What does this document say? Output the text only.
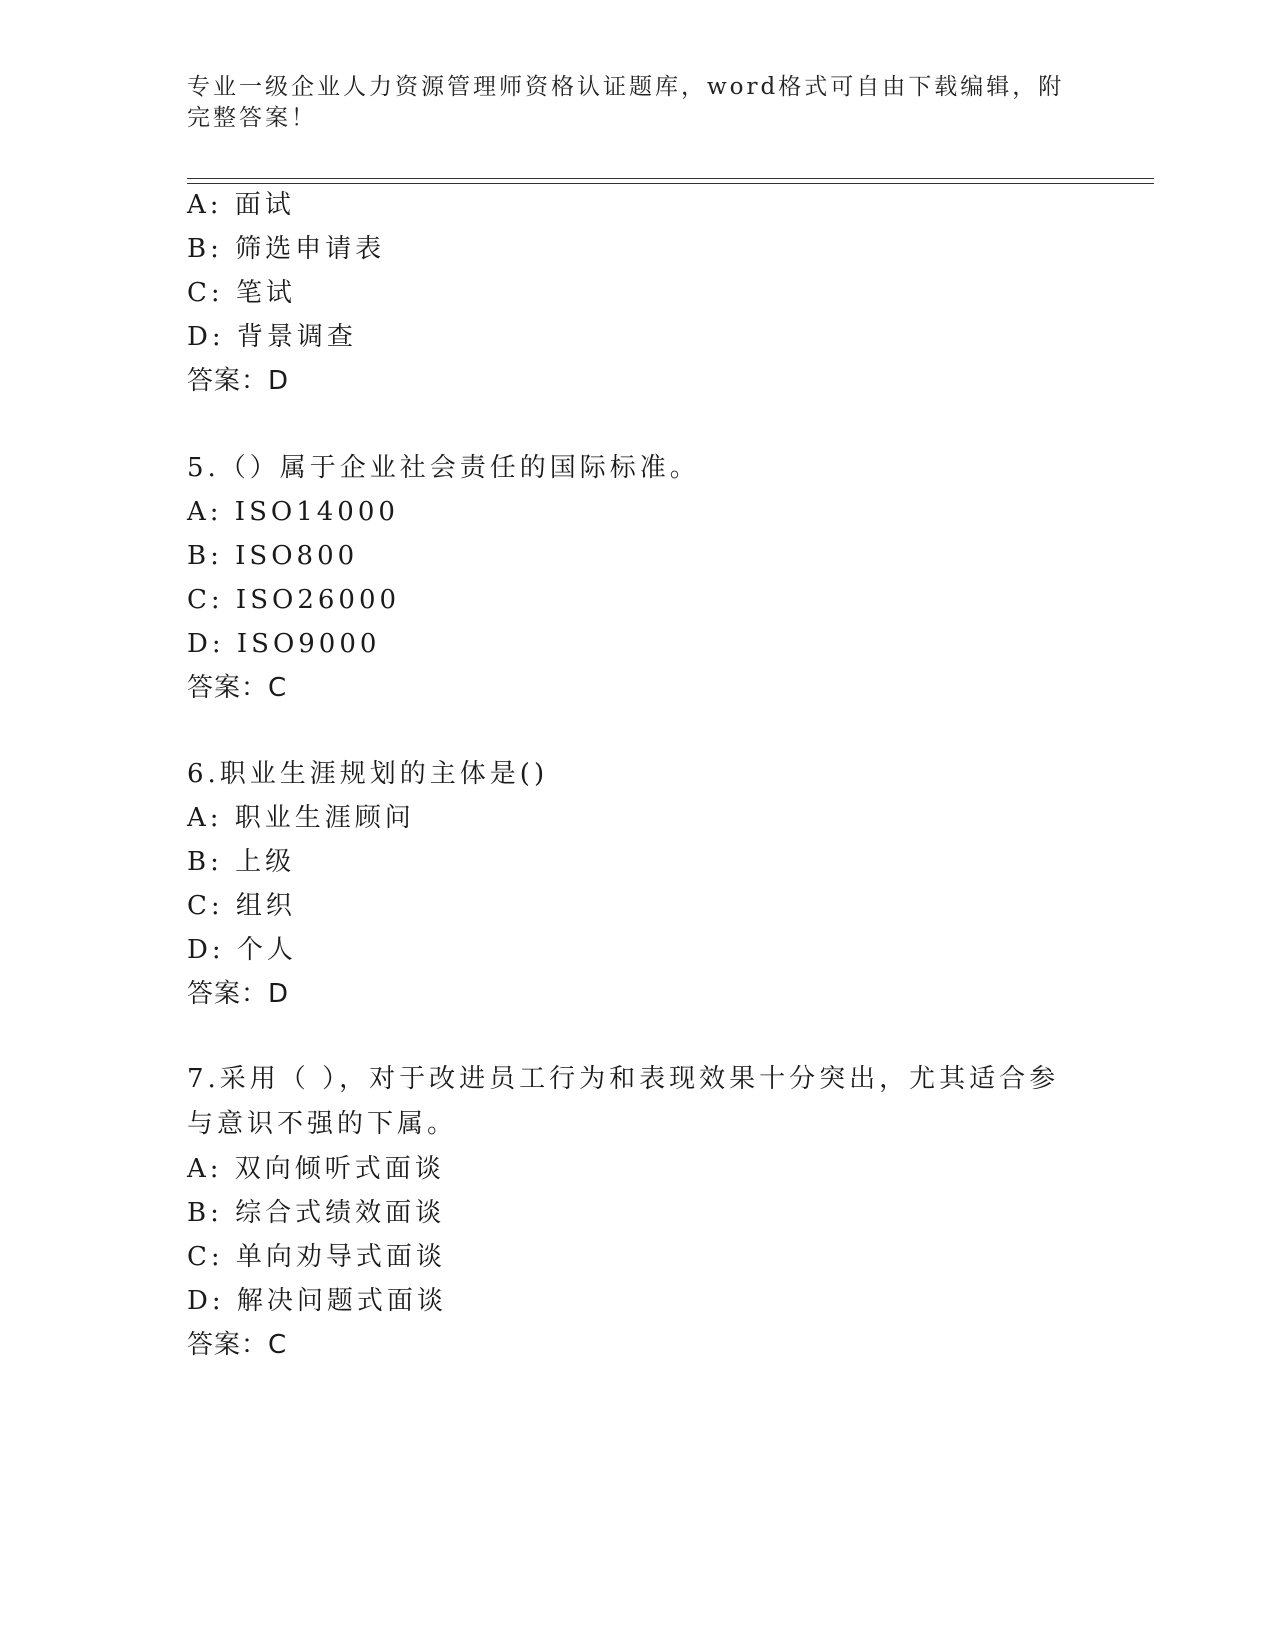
专业一级企业人力资源管理师资格认证题库，word格式可自由下载编辑，附完整答案！
A: 面试
B: 筛选申请表
C: 笔试
D: 背景调查
答案：D
5.（）属于企业社会责任的国际标准。
A: ISO14000
B: ISO800
C: ISO26000
D: ISO9000
答案：C
6.职业生涯规划的主体是()
A: 职业生涯顾问
B: 上级
C: 组织
D: 个人
答案：D
7.采用（ ），对于改进员工行为和表现效果十分突出，尤其适合参与意识不强的下属。
A: 双向倾听式面谈
B: 综合式绩效面谈
C: 单向劝导式面谈
D: 解决问题式面谈
答案：C
